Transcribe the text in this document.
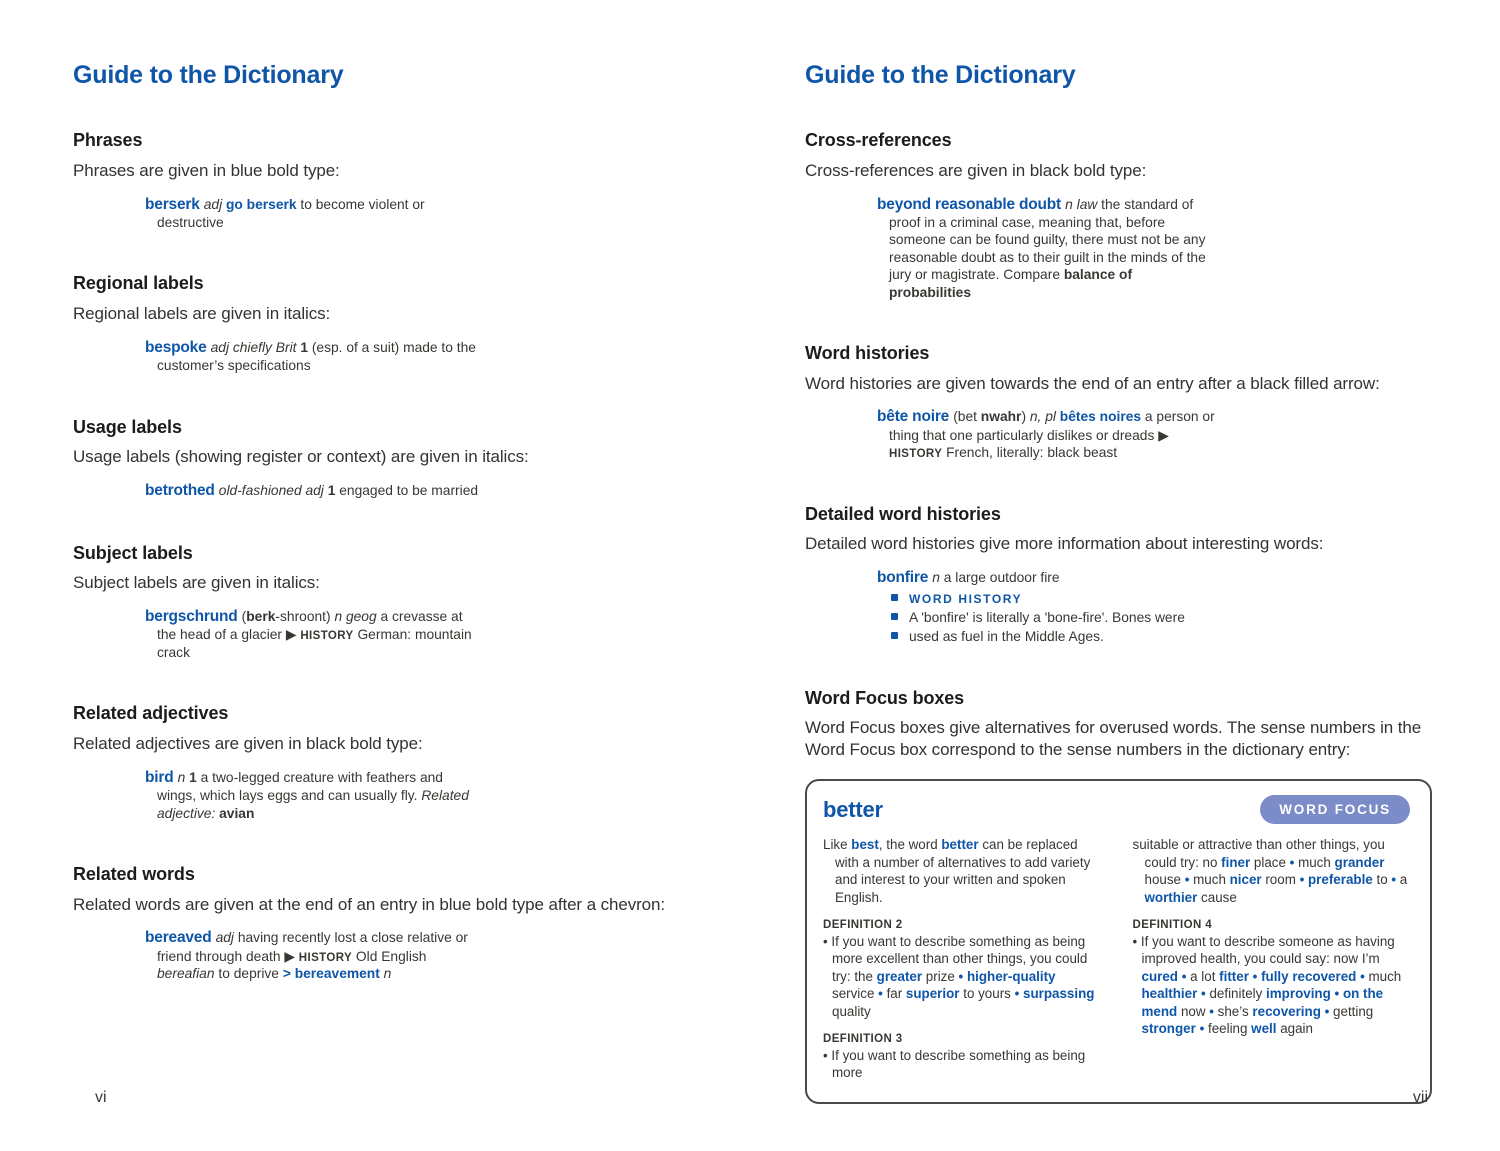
Guide to the Dictionary
Phrases

Phrases are given in blue bold type:

berserk adj go berserk to become violent or destructive
Regional labels

Regional labels are given in italics:

bespoke adj chiefly Brit 1 (esp. of a suit) made to the customer’s specifications
Usage labels

Usage labels (showing register or context) are given in italics:

betrothed old-fashioned adj 1 engaged to be married
Subject labels

Subject labels are given in italics:

bergschrund (berk-shroont) n geog a crevasse at the head of a glacier ▶ HISTORY German: mountain crack
Related adjectives

Related adjectives are given in black bold type:

bird n 1 a two-legged creature with feathers and wings, which lays eggs and can usually fly. Related adjective: avian
Related words

Related words are given at the end of an entry in blue bold type after a chevron:

bereaved adj having recently lost a close relative or friend through death ▶ HISTORY Old English bereafian to deprive > bereavement n
vi
Guide to the Dictionary
Cross-references

Cross-references are given in black bold type:

beyond reasonable doubt n law the standard of proof in a criminal case, meaning that, before someone can be found guilty, there must not be any reasonable doubt as to their guilt in the minds of the jury or magistrate. Compare balance of probabilities
Word histories

Word histories are given towards the end of an entry after a black filled arrow:

bête noire (bet nwahr) n, pl bêtes noires a person or thing that one particularly dislikes or dreads ▶ HISTORY French, literally: black beast
Detailed word histories

Detailed word histories give more information about interesting words:

bonfire n a large outdoor fire
WORD HISTORY
A 'bonfire' is literally a 'bone-fire'. Bones were
used as fuel in the Middle Ages.
Word Focus boxes

Word Focus boxes give alternatives for overused words. The sense numbers in the Word Focus box correspond to the sense numbers in the dictionary entry:

better	WORD FOCUS
Like best, the word better can be replaced with a number of alternatives to add variety and interest to your written and spoken English.
DEFINITION 2
• If you want to describe something as being more excellent than other things, you could try: the greater prize • higher-quality service • far superior to yours • surpassing quality
DEFINITION 3
• If you want to describe something as being more
suitable or attractive than other things, you could try: no finer place • much grander house • much nicer room • preferable to • a worthier cause
DEFINITION 4
• If you want to describe someone as having improved health, you could say: now I’m cured • a lot fitter • fully recovered • much healthier • definitely improving • on the mend now • she’s recovering • getting stronger • feeling well again
vii
